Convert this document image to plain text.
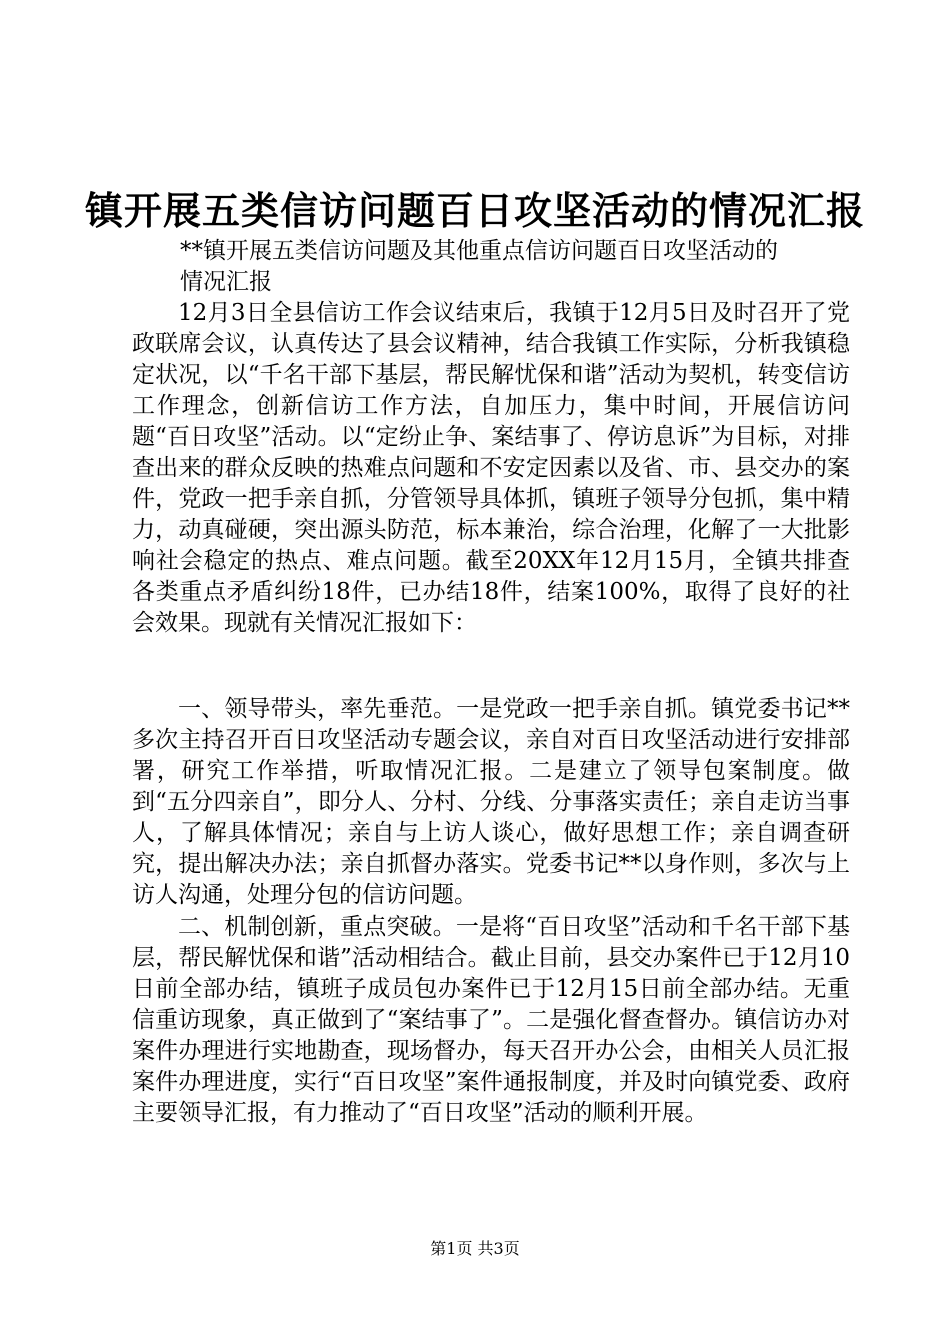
镇开展五类信访问题百日攻坚活动的情况汇报
**镇开展五类信访问题及其他重点信访问题百日攻坚活动的情况汇报
12月3日全县信访工作会议结束后，我镇于12月5日及时召开了党政联席会议，认真传达了县会议精神，结合我镇工作实际，分析我镇稳定状况，以“千名干部下基层，帮民解忧保和谐”活动为契机，转变信访工作理念，创新信访工作方法，自加压力，集中时间，开展信访问题“百日攻坚”活动。以“定纷止争、案结事了、停访息诉”为目标，对排查出来的群众反映的热难点问题和不安定因素以及省、市、县交办的案件，党政一把手亲自抓，分管领导具体抓，镇班子领导分包抓，集中精力，动真碰硬，突出源头防范，标本兼治，综合治理，化解了一大批影响社会稳定的热点、难点问题。截至20XX年12月15月，全镇共排查各类重点矛盾纠纷18件，已办结18件，结案100%，取得了良好的社会效果。现就有关情况汇报如下：
一、领导带头，率先垂范。一是党政一把手亲自抓。镇党委书记**多次主持召开百日攻坚活动专题会议，亲自对百日攻坚活动进行安排部署，研究工作举措，听取情况汇报。二是建立了领导包案制度。做到“五分四亲自”，即分人、分村、分线、分事落实责任；亲自走访当事人，了解具体情况；亲自与上访人谈心，做好思想工作；亲自调查研究，提出解决办法；亲自抓督办落实。党委书记**以身作则，多次与上访人沟通，处理分包的信访问题。
二、机制创新，重点突破。一是将“百日攻坚”活动和千名干部下基层，帮民解忧保和谐”活动相结合。截止目前，县交办案件已于12月10日前全部办结，镇班子成员包办案件已于12月15日前全部办结。无重信重访现象，真正做到了“案结事了”。二是强化督查督办。镇信访办对案件办理进行实地勘查，现场督办，每天召开办公会，由相关人员汇报案件办理进度，实行“百日攻坚”案件通报制度，并及时向镇党委、政府主要领导汇报，有力推动了“百日攻坚”活动的顺利开展。
第1页 共3页
